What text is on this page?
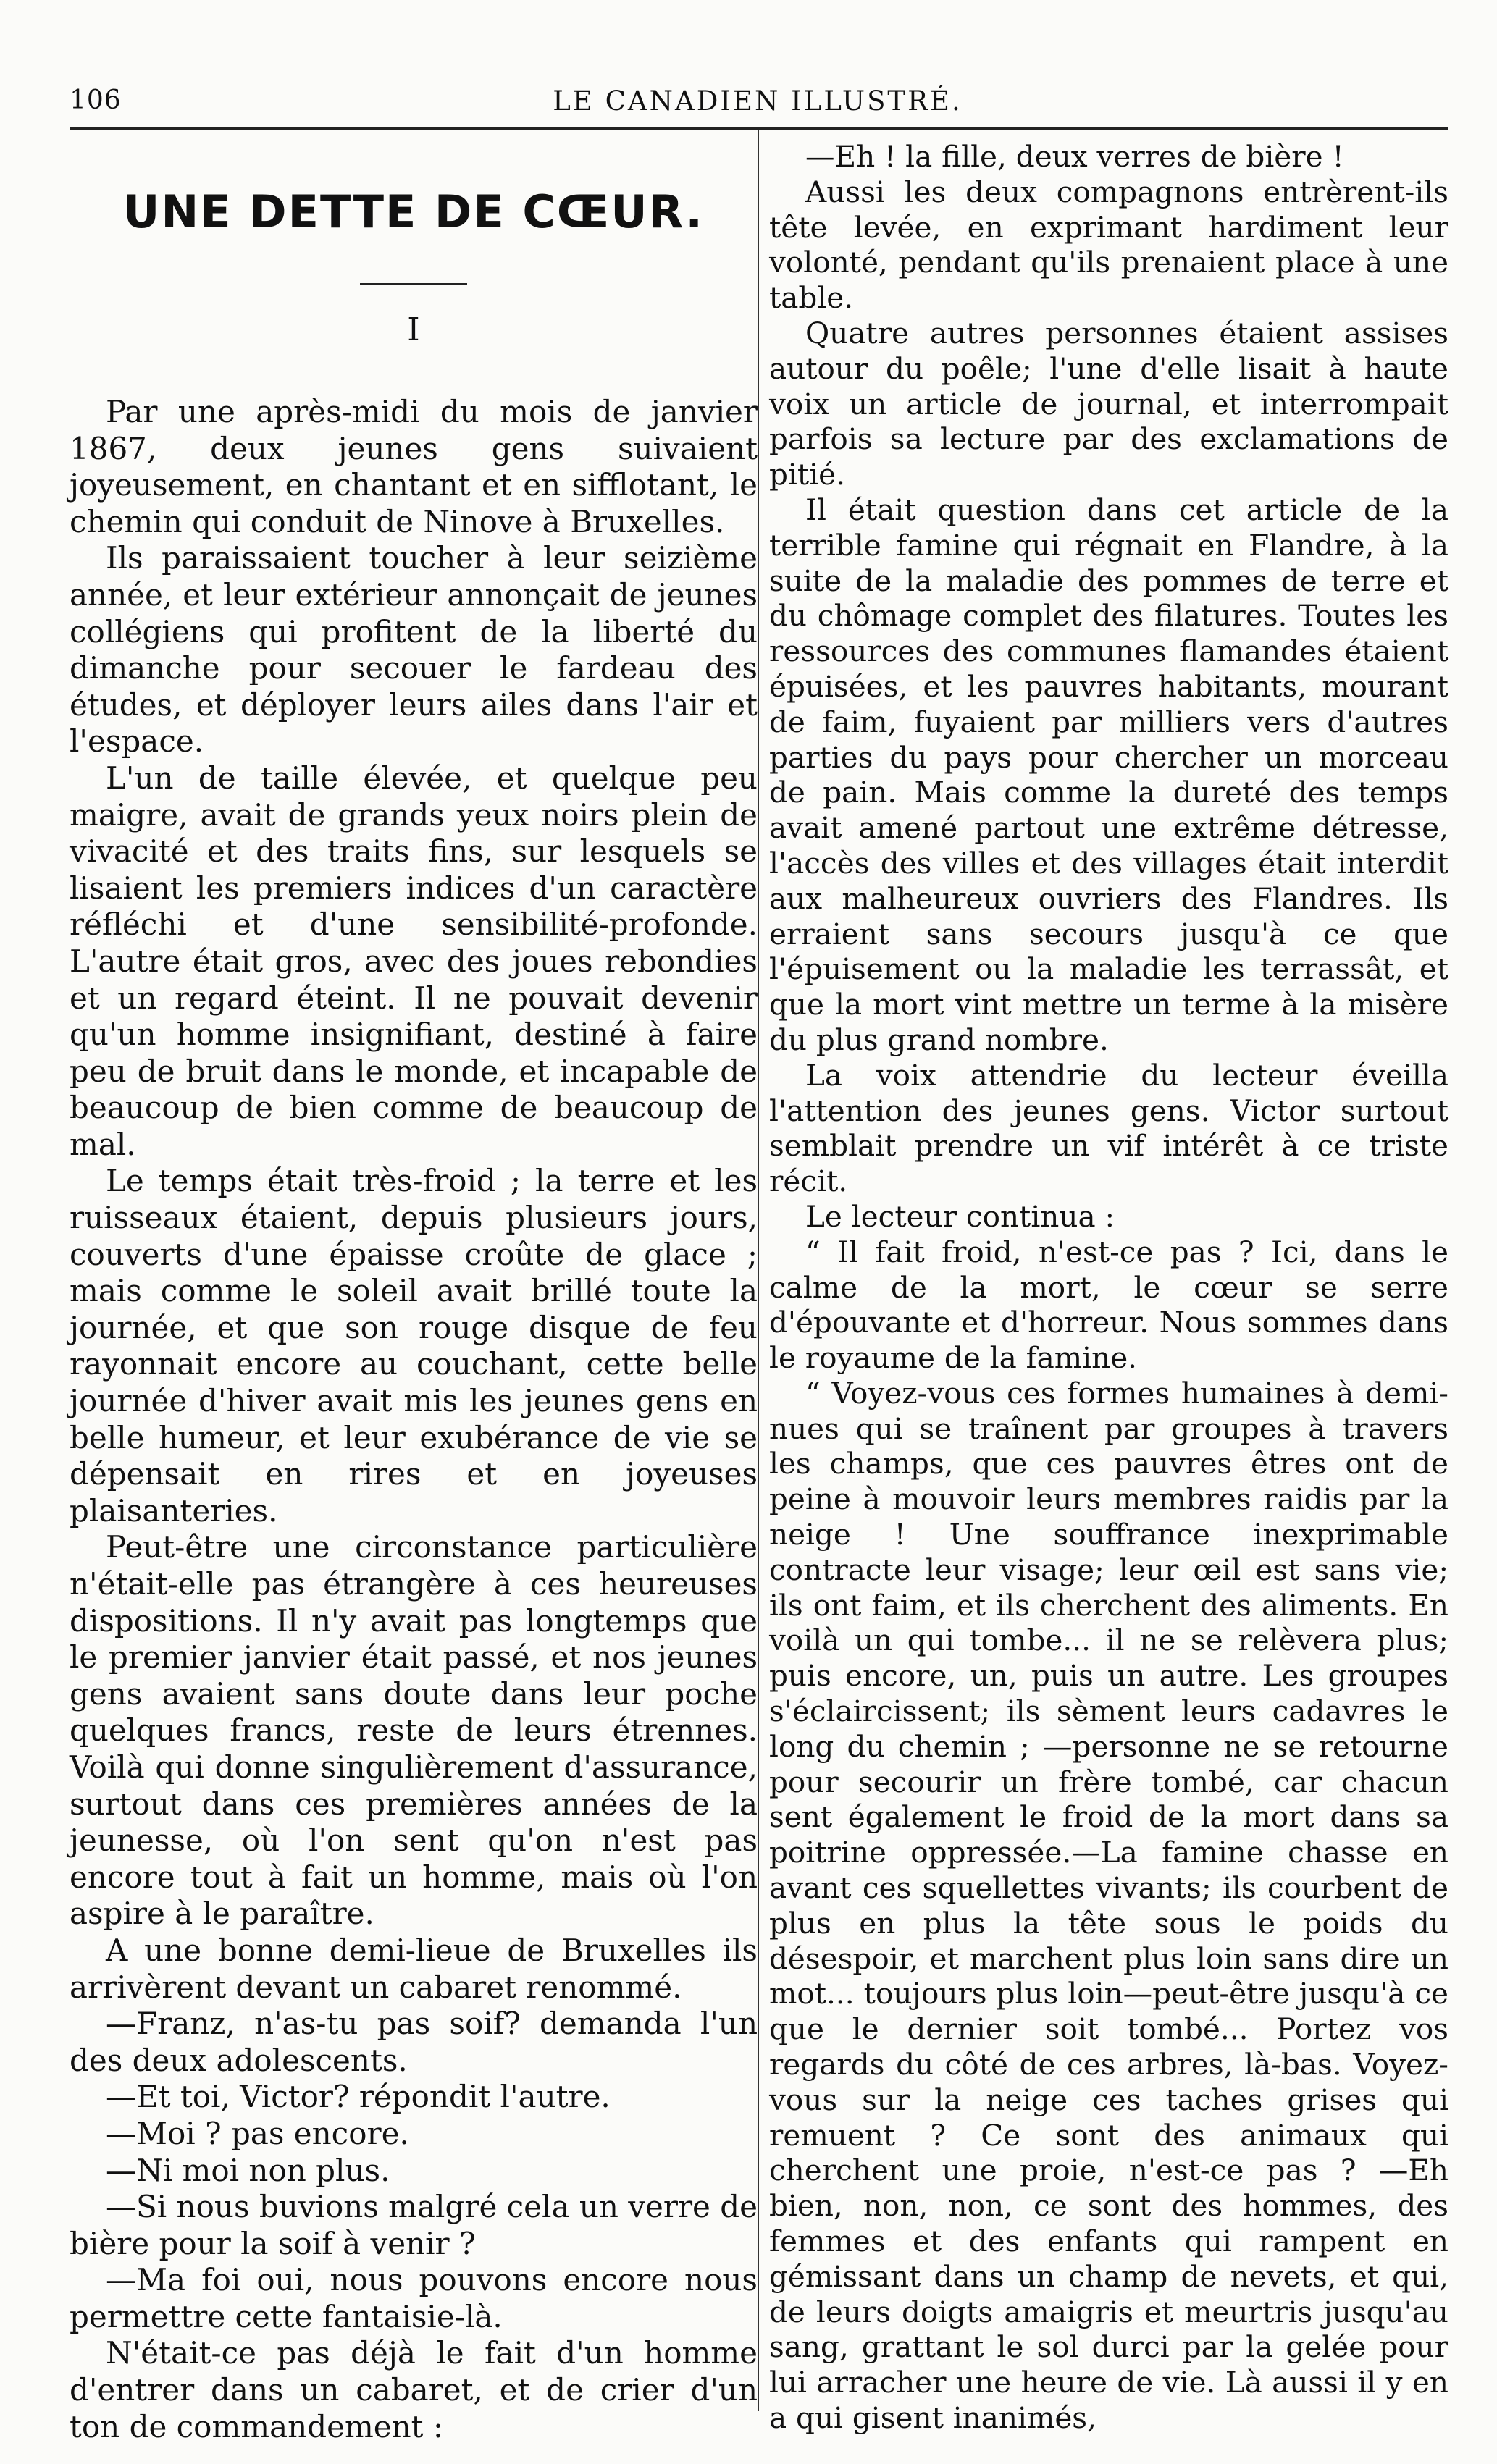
106	LE CANADIEN ILLUSTRÉ.
UNE DETTE DE CŒUR.
I

Par une après-midi du mois de janvier 1867, deux jeunes gens suivaient joyeusement, en chantant et en sifflotant, le chemin qui conduit de Ninove à Bruxelles.

Ils paraissaient toucher à leur seizième année, et leur extérieur annonçait de jeunes collégiens qui profitent de la liberté du dimanche pour secouer le fardeau des études, et déployer leurs ailes dans l'air et l'espace.

L'un de taille élevée, et quelque peu maigre, avait de grands yeux noirs plein de vivacité et des traits fins, sur lesquels se lisaient les premiers indices d'un caractère réfléchi et d'une sensibilité-profonde. L'autre était gros, avec des joues rebondies et un regard éteint. Il ne pouvait devenir qu'un homme insignifiant, destiné à faire peu de bruit dans le monde, et incapable de beaucoup de bien comme de beaucoup de mal.

Le temps était très-froid ; la terre et les ruisseaux étaient, depuis plusieurs jours, couverts d'une épaisse croûte de glace ; mais comme le soleil avait brillé toute la journée, et que son rouge disque de feu rayonnait encore au couchant, cette belle journée d'hiver avait mis les jeunes gens en belle humeur, et leur exubérance de vie se dépensait en rires et en joyeuses plaisanteries.

Peut-être une circonstance particulière n'était-elle pas étrangère à ces heureuses dispositions. Il n'y avait pas longtemps que le premier janvier était passé, et nos jeunes gens avaient sans doute dans leur poche quelques francs, reste de leurs étrennes. Voilà qui donne singulièrement d'assurance, surtout dans ces premières années de la jeunesse, où l'on sent qu'on n'est pas encore tout à fait un homme, mais où l'on aspire à le paraître.

A une bonne demi-lieue de Bruxelles ils arrivèrent devant un cabaret renommé.

—Franz, n'as-tu pas soif? demanda l'un des deux adolescents.

—Et toi, Victor? répondit l'autre.

—Moi ? pas encore.

—Ni moi non plus.

—Si nous buvions malgré cela un verre de bière pour la soif à venir ?

—Ma foi oui, nous pouvons encore nous permettre cette fantaisie-là.

N'était-ce pas déjà le fait d'un homme d'entrer dans un cabaret, et de crier d'un ton de commandement :

—Eh ! la fille, deux verres de bière !

Aussi les deux compagnons entrèrent-ils tête levée, en exprimant hardiment leur volonté, pendant qu'ils prenaient place à une table.

Quatre autres personnes étaient assises autour du poêle; l'une d'elle lisait à haute voix un article de journal, et interrompait parfois sa lecture par des exclamations de pitié.

Il était question dans cet article de la terrible famine qui régnait en Flandre, à la suite de la maladie des pommes de terre et du chômage complet des filatures. Toutes les ressources des communes flamandes étaient épuisées, et les pauvres habitants, mourant de faim, fuyaient par milliers vers d'autres parties du pays pour chercher un morceau de pain. Mais comme la dureté des temps avait amené partout une extrême détresse, l'accès des villes et des villages était interdit aux malheureux ouvriers des Flandres. Ils erraient sans secours jusqu'à ce que l'épuisement ou la maladie les terrassât, et que la mort vint mettre un terme à la misère du plus grand nombre.

La voix attendrie du lecteur éveilla l'attention des jeunes gens. Victor surtout semblait prendre un vif intérêt à ce triste récit.

Le lecteur continua :

“ Il fait froid, n'est-ce pas ? Ici, dans le calme de la mort, le cœur se serre d'épouvante et d'horreur. Nous sommes dans le royaume de la famine.

“ Voyez-vous ces formes humaines à demi-nues qui se traînent par groupes à travers les champs, que ces pauvres êtres ont de peine à mouvoir leurs membres raidis par la neige ! Une souffrance inexprimable contracte leur visage; leur œil est sans vie; ils ont faim, et ils cherchent des aliments. En voilà un qui tombe... il ne se relèvera plus; puis encore, un, puis un autre. Les groupes s'éclaircissent; ils sèment leurs cadavres le long du chemin ; —personne ne se retourne pour secourir un frère tombé, car chacun sent également le froid de la mort dans sa poitrine oppressée.—La famine chasse en avant ces squellettes vivants; ils courbent de plus en plus la tête sous le poids du désespoir, et marchent plus loin sans dire un mot... toujours plus loin—peut-être jusqu'à ce que le dernier soit tombé... Portez vos regards du côté de ces arbres, là-bas. Voyez-vous sur la neige ces taches grises qui remuent ? Ce sont des animaux qui cherchent une proie, n'est-ce pas ? —Eh bien, non, non, ce sont des hommes, des femmes et des enfants qui rampent en gémissant dans un champ de nevets, et qui, de leurs doigts amaigris et meurtris jusqu'au sang, grattant le sol durci par la gelée pour lui arracher une heure de vie. Là aussi il y en a qui gisent inanimés,
